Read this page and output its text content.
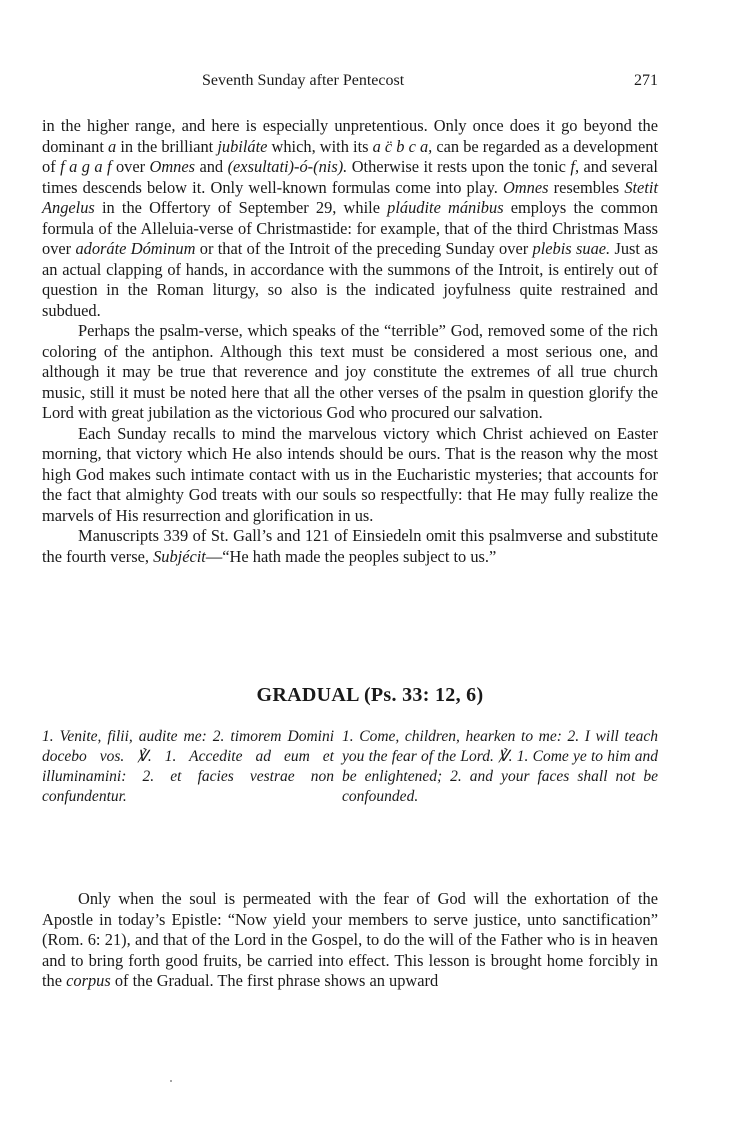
Seventh Sunday after Pentecost	271

in the higher range, and here is especially unpretentious. Only once does it go beyond the dominant a in the brilliant jubiláte which, with its a c̈ b c a, can be regarded as a development of f a g a f over Omnes and (exsultati)-ó-(nis). Otherwise it rests upon the tonic f, and several times descends below it. Only well-known formulas come into play. Omnes resembles Stetit Angelus in the Offertory of September 29, while pláudite mánibus employs the common formula of the Alleluia-verse of Christmastide: for example, that of the third Christmas Mass over adoráte Dóminum or that of the Introit of the preceding Sunday over plebis suae. Just as an actual clapping of hands, in accordance with the summons of the Introit, is entirely out of question in the Roman liturgy, so also is the indicated joyfulness quite restrained and subdued.

Perhaps the psalm-verse, which speaks of the “terrible” God, removed some of the rich coloring of the antiphon. Although this text must be considered a most serious one, and although it may be true that reverence and joy constitute the extremes of all true church music, still it must be noted here that all the other verses of the psalm in question glorify the Lord with great jubilation as the victorious God who procured our salvation.

Each Sunday recalls to mind the marvelous victory which Christ achieved on Easter morning, that victory which He also intends should be ours. That is the reason why the most high God makes such intimate contact with us in the Eucharistic mysteries; that accounts for the fact that almighty God treats with our souls so respectfully: that He may fully realize the marvels of His resurrection and glorification in us.

Manuscripts 339 of St. Gall’s and 121 of Einsiedeln omit this psalmverse and substitute the fourth verse, Subjécit—“He hath made the peoples subject to us.”

GRADUAL (Ps. 33: 12, 6)
1. Venite, filii, audite me: 2. timorem Domini docebo vos. ℣. 1. Accedite ad eum et illuminamini: 2. et facies vestrae non confundentur.
1. Come, children, hearken to me: 2. I will teach you the fear of the Lord. ℣. 1. Come ye to him and be enlightened; 2. and your faces shall not be confounded.

Only when the soul is permeated with the fear of God will the exhortation of the Apostle in today’s Epistle: “Now yield your members to serve justice, unto sanctification” (Rom. 6: 21), and that of the Lord in the Gospel, to do the will of the Father who is in heaven and to bring forth good fruits, be carried into effect. This lesson is brought home forcibly in the corpus of the Gradual. The first phrase shows an upward
